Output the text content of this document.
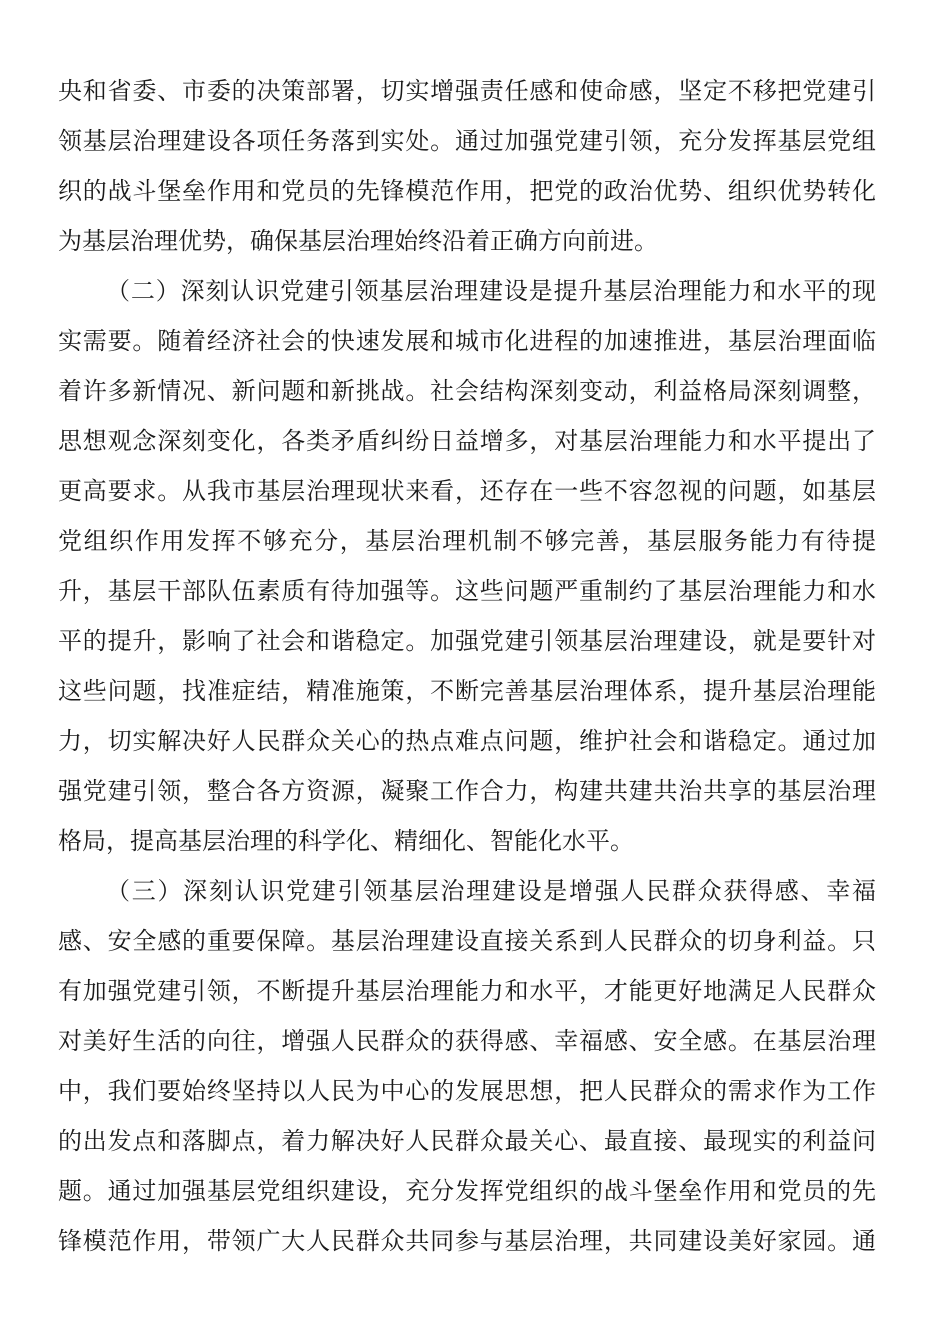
央和省委、市委的决策部署，切实增强责任感和使命感，坚定不移把党建引
领基层治理建设各项任务落到实处。通过加强党建引领，充分发挥基层党组
织的战斗堡垒作用和党员的先锋模范作用，把党的政治优势、组织优势转化
为基层治理优势，确保基层治理始终沿着正确方向前进。
（二）深刻认识党建引领基层治理建设是提升基层治理能力和水平的现
实需要。随着经济社会的快速发展和城市化进程的加速推进，基层治理面临
着许多新情况、新问题和新挑战。社会结构深刻变动，利益格局深刻调整，
思想观念深刻变化，各类矛盾纠纷日益增多，对基层治理能力和水平提出了
更高要求。从我市基层治理现状来看，还存在一些不容忽视的问题，如基层
党组织作用发挥不够充分，基层治理机制不够完善，基层服务能力有待提
升，基层干部队伍素质有待加强等。这些问题严重制约了基层治理能力和水
平的提升，影响了社会和谐稳定。加强党建引领基层治理建设，就是要针对
这些问题，找准症结，精准施策，不断完善基层治理体系，提升基层治理能
力，切实解决好人民群众关心的热点难点问题，维护社会和谐稳定。通过加
强党建引领，整合各方资源，凝聚工作合力，构建共建共治共享的基层治理
格局，提高基层治理的科学化、精细化、智能化水平。
（三）深刻认识党建引领基层治理建设是增强人民群众获得感、幸福
感、安全感的重要保障。基层治理建设直接关系到人民群众的切身利益。只
有加强党建引领，不断提升基层治理能力和水平，才能更好地满足人民群众
对美好生活的向往，增强人民群众的获得感、幸福感、安全感。在基层治理
中，我们要始终坚持以人民为中心的发展思想，把人民群众的需求作为工作
的出发点和落脚点，着力解决好人民群众最关心、最直接、最现实的利益问
题。通过加强基层党组织建设，充分发挥党组织的战斗堡垒作用和党员的先
锋模范作用，带领广大人民群众共同参与基层治理，共同建设美好家园。通
